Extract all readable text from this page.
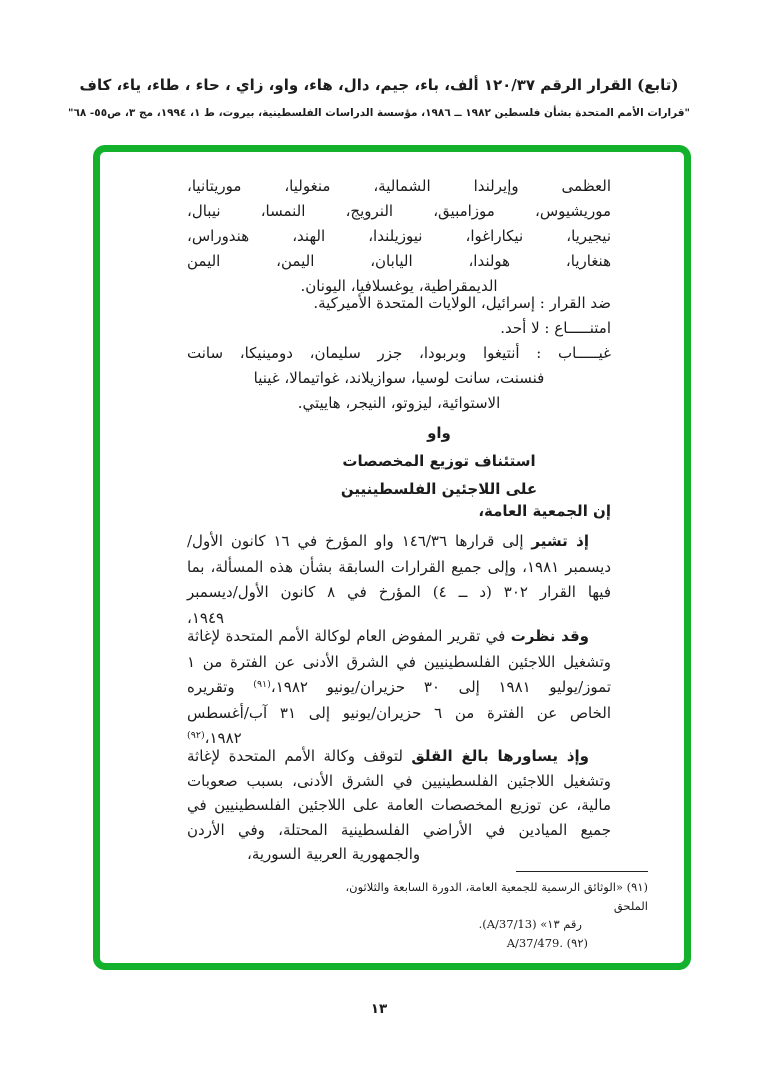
(تابع) القرار الرقم ١٢٠/٣٧ ألف، باء، جيم، دال، هاء، واو، زاي ، حاء ، طاء، ياء، كاف
"قرارات الأمم المتحدة بشأن فلسطين ١٩٨٢ ــ ١٩٨٦، مؤسسة الدراسات الفلسطينية، بيروت، ط ١، ١٩٩٤، مج ٣، ص٥٥- ٦٨"
العظمى وإيرلندا الشمالية، منغوليا، موريتانيا،
موريشيوس، موزامبيق، النرويج، النمسا، نيبال،
نيجيريا، نيكاراغوا، نيوزيلندا، الهند، هندوراس،
هنغاريا، هولندا، اليابان، اليمن، اليمن
الديمقراطية، يوغسلافيا، اليونان.
ضد القرار : إسرائيل، الولايات المتحدة الأميركية.
امتنـــــاع : لا أحد.
غيـــــاب : أنتيغوا وبربودا، جزر سليمان، دومينيكا، سانت
فنسنت، سانت لوسيا، سوازيلاند، غواتيمالا، غينيا
الاستوائية، ليزوتو، النيجر، هاييتي.
واو
استئناف توزيع المخصصات
على اللاجئين الفلسطينيين
إن الجمعية العامة،
إذ تشير إلى قرارها ١٤٦/٣٦ واو المؤرخ في ١٦ كانون الأول/
ديسمبر ١٩٨١، وإلى جميع القرارات السابقة بشأن هذه المسألة، بما
فيها القرار ٣٠٢ (د ــ ٤) المؤرخ في ٨ كانون الأول/ديسمبر
١٩٤٩،
وقد نظرت في تقرير المفوض العام لوكالة الأمم المتحدة لإغاثة
وتشغيل اللاجئين الفلسطينيين في الشرق الأدنى عن الفترة من ١
تموز/يوليو ١٩٨١ إلى ٣٠ حزيران/يونيو ١٩٨٢،$^{(٩١)}$ وتقريره
الخاص عن الفترة من ٦ حزيران/يونيو إلى ٣١ آب/أغسطس
١٩٨٢،$^{(٩٢)}$
وإذ يساورها بالغ القلق لتوقف وكالة الأمم المتحدة لإغاثة
وتشغيل اللاجئين الفلسطينيين في الشرق الأدنى، بسبب صعوبات
مالية، عن توزيع المخصصات العامة على اللاجئين الفلسطينيين في
جميع الميادين في الأراضي الفلسطينية المحتلة، وفي الأردن
والجمهورية العربية السورية،
(٩١) «الوثائق الرسمية للجمعية العامة، الدورة السابعة والثلاثون، الملحق
رقم ١٣» (A/37/13).
(٩٢) A/37/479.
١٣
